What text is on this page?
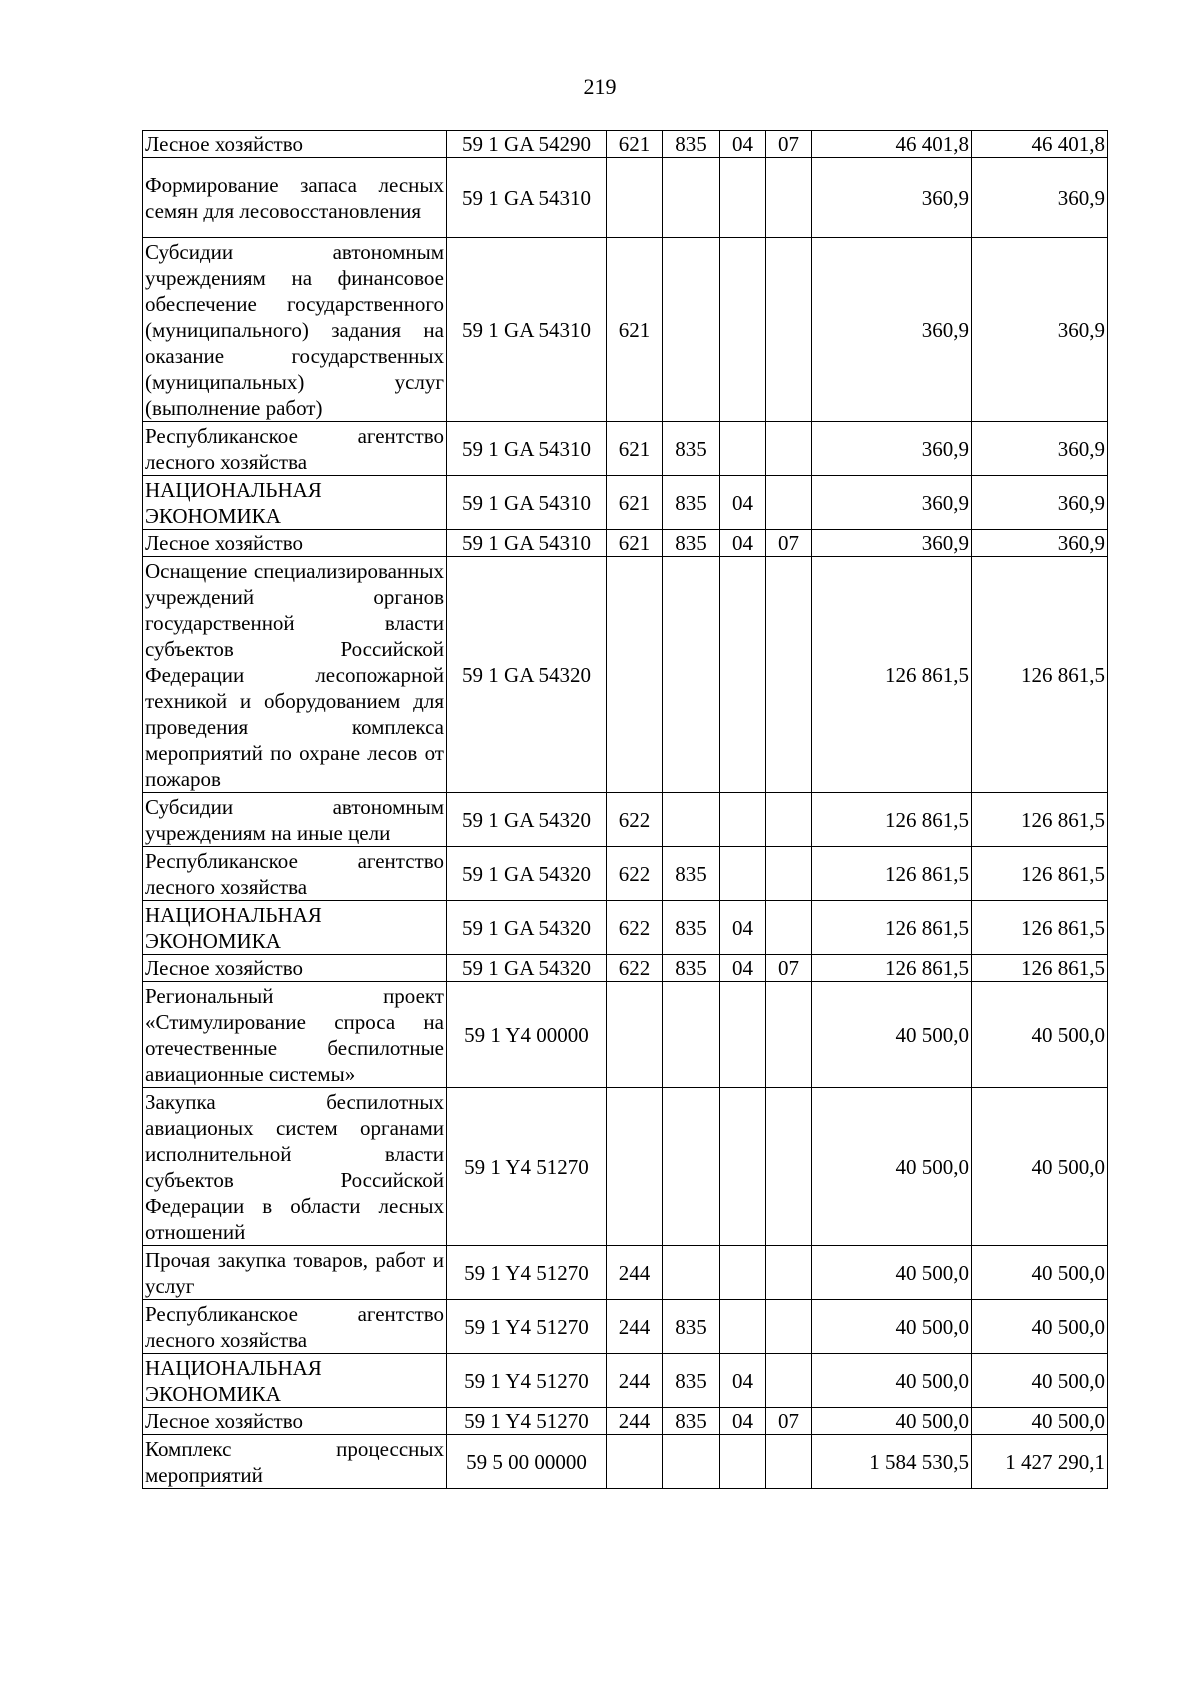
219
Лесное хозяйство	59 1 GA 54290	621	835	04	07	46 401,8	46 401,8
Формирование запаса лесных семян для лесовосстановления	59 1 GA 54310					360,9	360,9
Субсидии автономным учреждениям на финансовое обеспечение государственного (муниципального) задания на оказание государственных (муниципальных) услуг (выполнение работ)	59 1 GA 54310	621				360,9	360,9
Республиканское агентство лесного хозяйства	59 1 GA 54310	621	835			360,9	360,9
НАЦИОНАЛЬНАЯ ЭКОНОМИКА	59 1 GA 54310	621	835	04		360,9	360,9
Лесное хозяйство	59 1 GA 54310	621	835	04	07	360,9	360,9
Оснащение специализированных учреждений органов государственной власти субъектов Российской Федерации лесопожарной техникой и оборудованием для проведения комплекса мероприятий по охране лесов от пожаров	59 1 GA 54320					126 861,5	126 861,5
Субсидии автономным учреждениям на иные цели	59 1 GA 54320	622				126 861,5	126 861,5
Республиканское агентство лесного хозяйства	59 1 GA 54320	622	835			126 861,5	126 861,5
НАЦИОНАЛЬНАЯ ЭКОНОМИКА	59 1 GA 54320	622	835	04		126 861,5	126 861,5
Лесное хозяйство	59 1 GA 54320	622	835	04	07	126 861,5	126 861,5
Региональный проект «Стимулирование спроса на отечественные беспилотные авиационные системы»	59 1 Y4 00000					40 500,0	40 500,0
Закупка беспилотных авиационых систем органами исполнительной власти субъектов Российской Федерации в области лесных отношений	59 1 Y4 51270					40 500,0	40 500,0
Прочая закупка товаров, работ и услуг	59 1 Y4 51270	244				40 500,0	40 500,0
Республиканское агентство лесного хозяйства	59 1 Y4 51270	244	835			40 500,0	40 500,0
НАЦИОНАЛЬНАЯ ЭКОНОМИКА	59 1 Y4 51270	244	835	04		40 500,0	40 500,0
Лесное хозяйство	59 1 Y4 51270	244	835	04	07	40 500,0	40 500,0
Комплекс процессных мероприятий	59 5 00 00000					1 584 530,5	1 427 290,1
